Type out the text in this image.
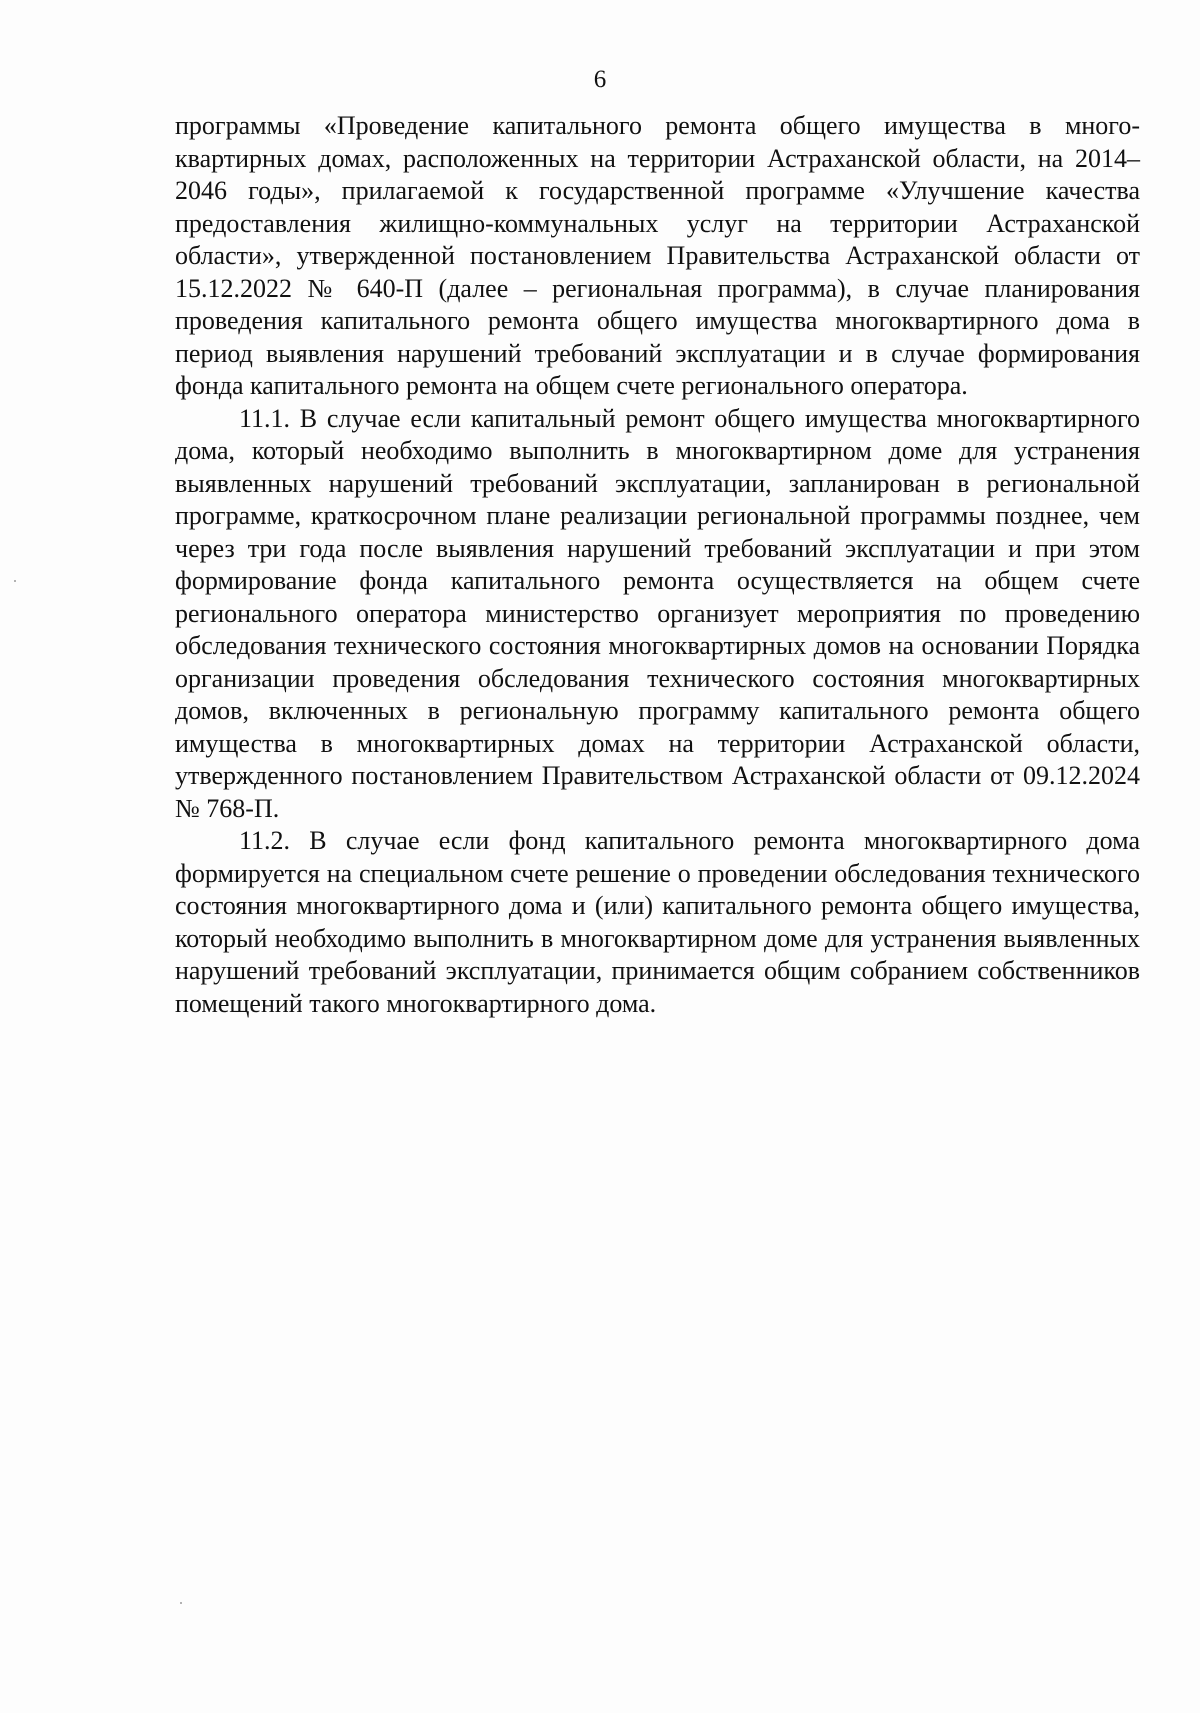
6

программы «Проведение капитального ремонта общего имущества в многоквартирных домах, расположенных на территории Астраханской области, на 2014–2046 годы», прилагаемой к государственной программе «Улучшение качества предоставления жилищно-коммунальных услуг на территории Астраханской области», утвержденной постановлением Правительства Астраханской области от 15.12.2022 № 640-П (далее – региональная программа), в случае планирования проведения капитального ремонта общего имущества многоквартирного дома в период выявления нарушений требований эксплуатации и в случае формирования фонда капитального ремонта на общем счете регионального оператора.

11.1. В случае если капитальный ремонт общего имущества многоквартирного дома, который необходимо выполнить в многоквартирном доме для устранения выявленных нарушений требований эксплуатации, запланирован в региональной программе, краткосрочном плане реализации региональной программы позднее, чем через три года после выявления нарушений требований эксплуатации и при этом формирование фонда капитального ремонта осуществляется на общем счете регионального оператора министерство организует мероприятия по проведению обследования технического состояния многоквартирных домов на основании Порядка организации проведения обследования технического состояния многоквартирных домов, включенных в региональную программу капитального ремонта общего имущества в многоквартирных домах на территории Астраханской области, утвержденного постановлением Правительством Астраханской области от 09.12.2024 № 768-П.

11.2. В случае если фонд капитального ремонта многоквартирного дома формируется на специальном счете решение о проведении обследования технического состояния многоквартирного дома и (или) капитального ремонта общего имущества, который необходимо выполнить в многоквартирном доме для устранения выявленных нарушений требований эксплуатации, принимается общим собранием собственников помещений такого многоквартирного дома.
